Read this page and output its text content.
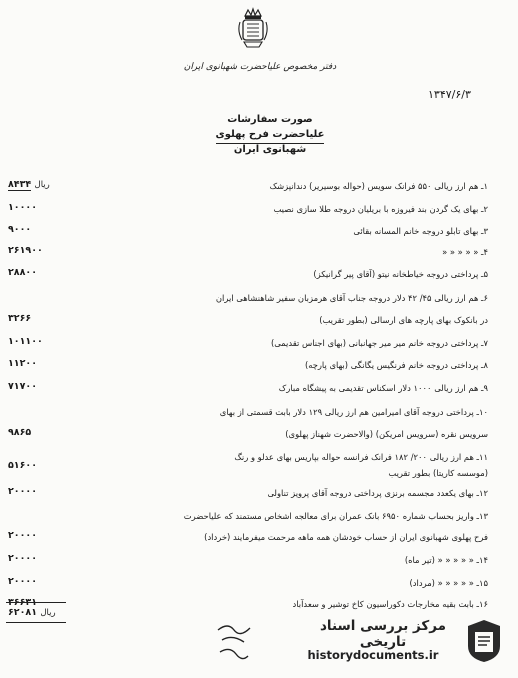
دفتر مخصوص علیاحضرت شهبانوی ایران
۱۳۴۷/۶/۳
صورت سفارشات علیاحضرت فرح پهلوی
شهبانوی ایران
۱ـ هم ارز ریالی ۵۵۰ فرانک سویس (حواله بوسیریر) دندانپزشک
۸۴۳۴ ریال
۲ـ بهای یک گردن بند فیروزه با بریلیان دروجه طلا سازی نصیب
۱۰۰۰۰
۳ـ بهای تابلو دروجه خانم المسانه بقائی
۹۰۰۰
۴ـ « « « « «
۲۶۱۹۰۰
۵ـ پرداختی دروجه خیاطخانه نیتو (آقای پیر گرانیکز)
۲۸۸۰۰
۶ـ هم ارز ریالی ۴۵/ ۴۲ دلار دروجه جناب آقای هرمزبان سفیر شاهنشاهی ایران
در بانکوک بهای پارچه های ارسالی (بطور تقریب)
۳۲۶۶
۷ـ پرداختی دروجه خانم میر میر جهانبانی (بهای اجناس تقدیمی)
۱۰۱۱۰۰
۸ـ پرداختی دروجه خانم فرنگیس یگانگی (بهای پارچه)
۱۱۲۰۰
۹ـ هم ارز ریالی ۱۰۰۰ دلار اسکناس تقدیمی به پیشگاه مبارک
۷۱۷۰۰
۱۰ـ پرداختی دروجه آقای امیرامین هم ارز ریالی ۱۲۹ دلار بابت قسمتی از بهای
سرویس نقره (سرویس امریکن) (والاحضرت شهناز پهلوی)
۹۸۶۵
۱۱ـ هم ارز ریالی ۲۰۰/ ۱۸۲ فرانک فرانسه حواله بپاریس بهای عدلو و رنگ
(موسسه کاریتا) بطور تقریب
۵۱۶۰۰
۱۲ـ بهای یکعدد مجسمه برنزی پرداختی دروجه آقای پرویز تناولی
۲۰۰۰۰
۱۳ـ واریز بحساب شماره ۶۹۵۰ بانک عمران برای معالجه اشخاص مستمند که علیاحضرت
فرح پهلوی شهبانوی ایران از حساب خودشان همه ماهه مرحمت میفرمایند (خرداد)
۲۰۰۰۰
۱۴ـ « « « « « (تیر ماه)
۲۰۰۰۰
۱۵ـ « « « « « (مرداد)
۲۰۰۰۰
۱۶ـ بابت بقیه مخارجات دکوراسیون کاخ توشیر و سعدآباد
۶۲۰۸۱ ریال
مرکز بررسی اسناد تاریخی
historydocuments.ir
